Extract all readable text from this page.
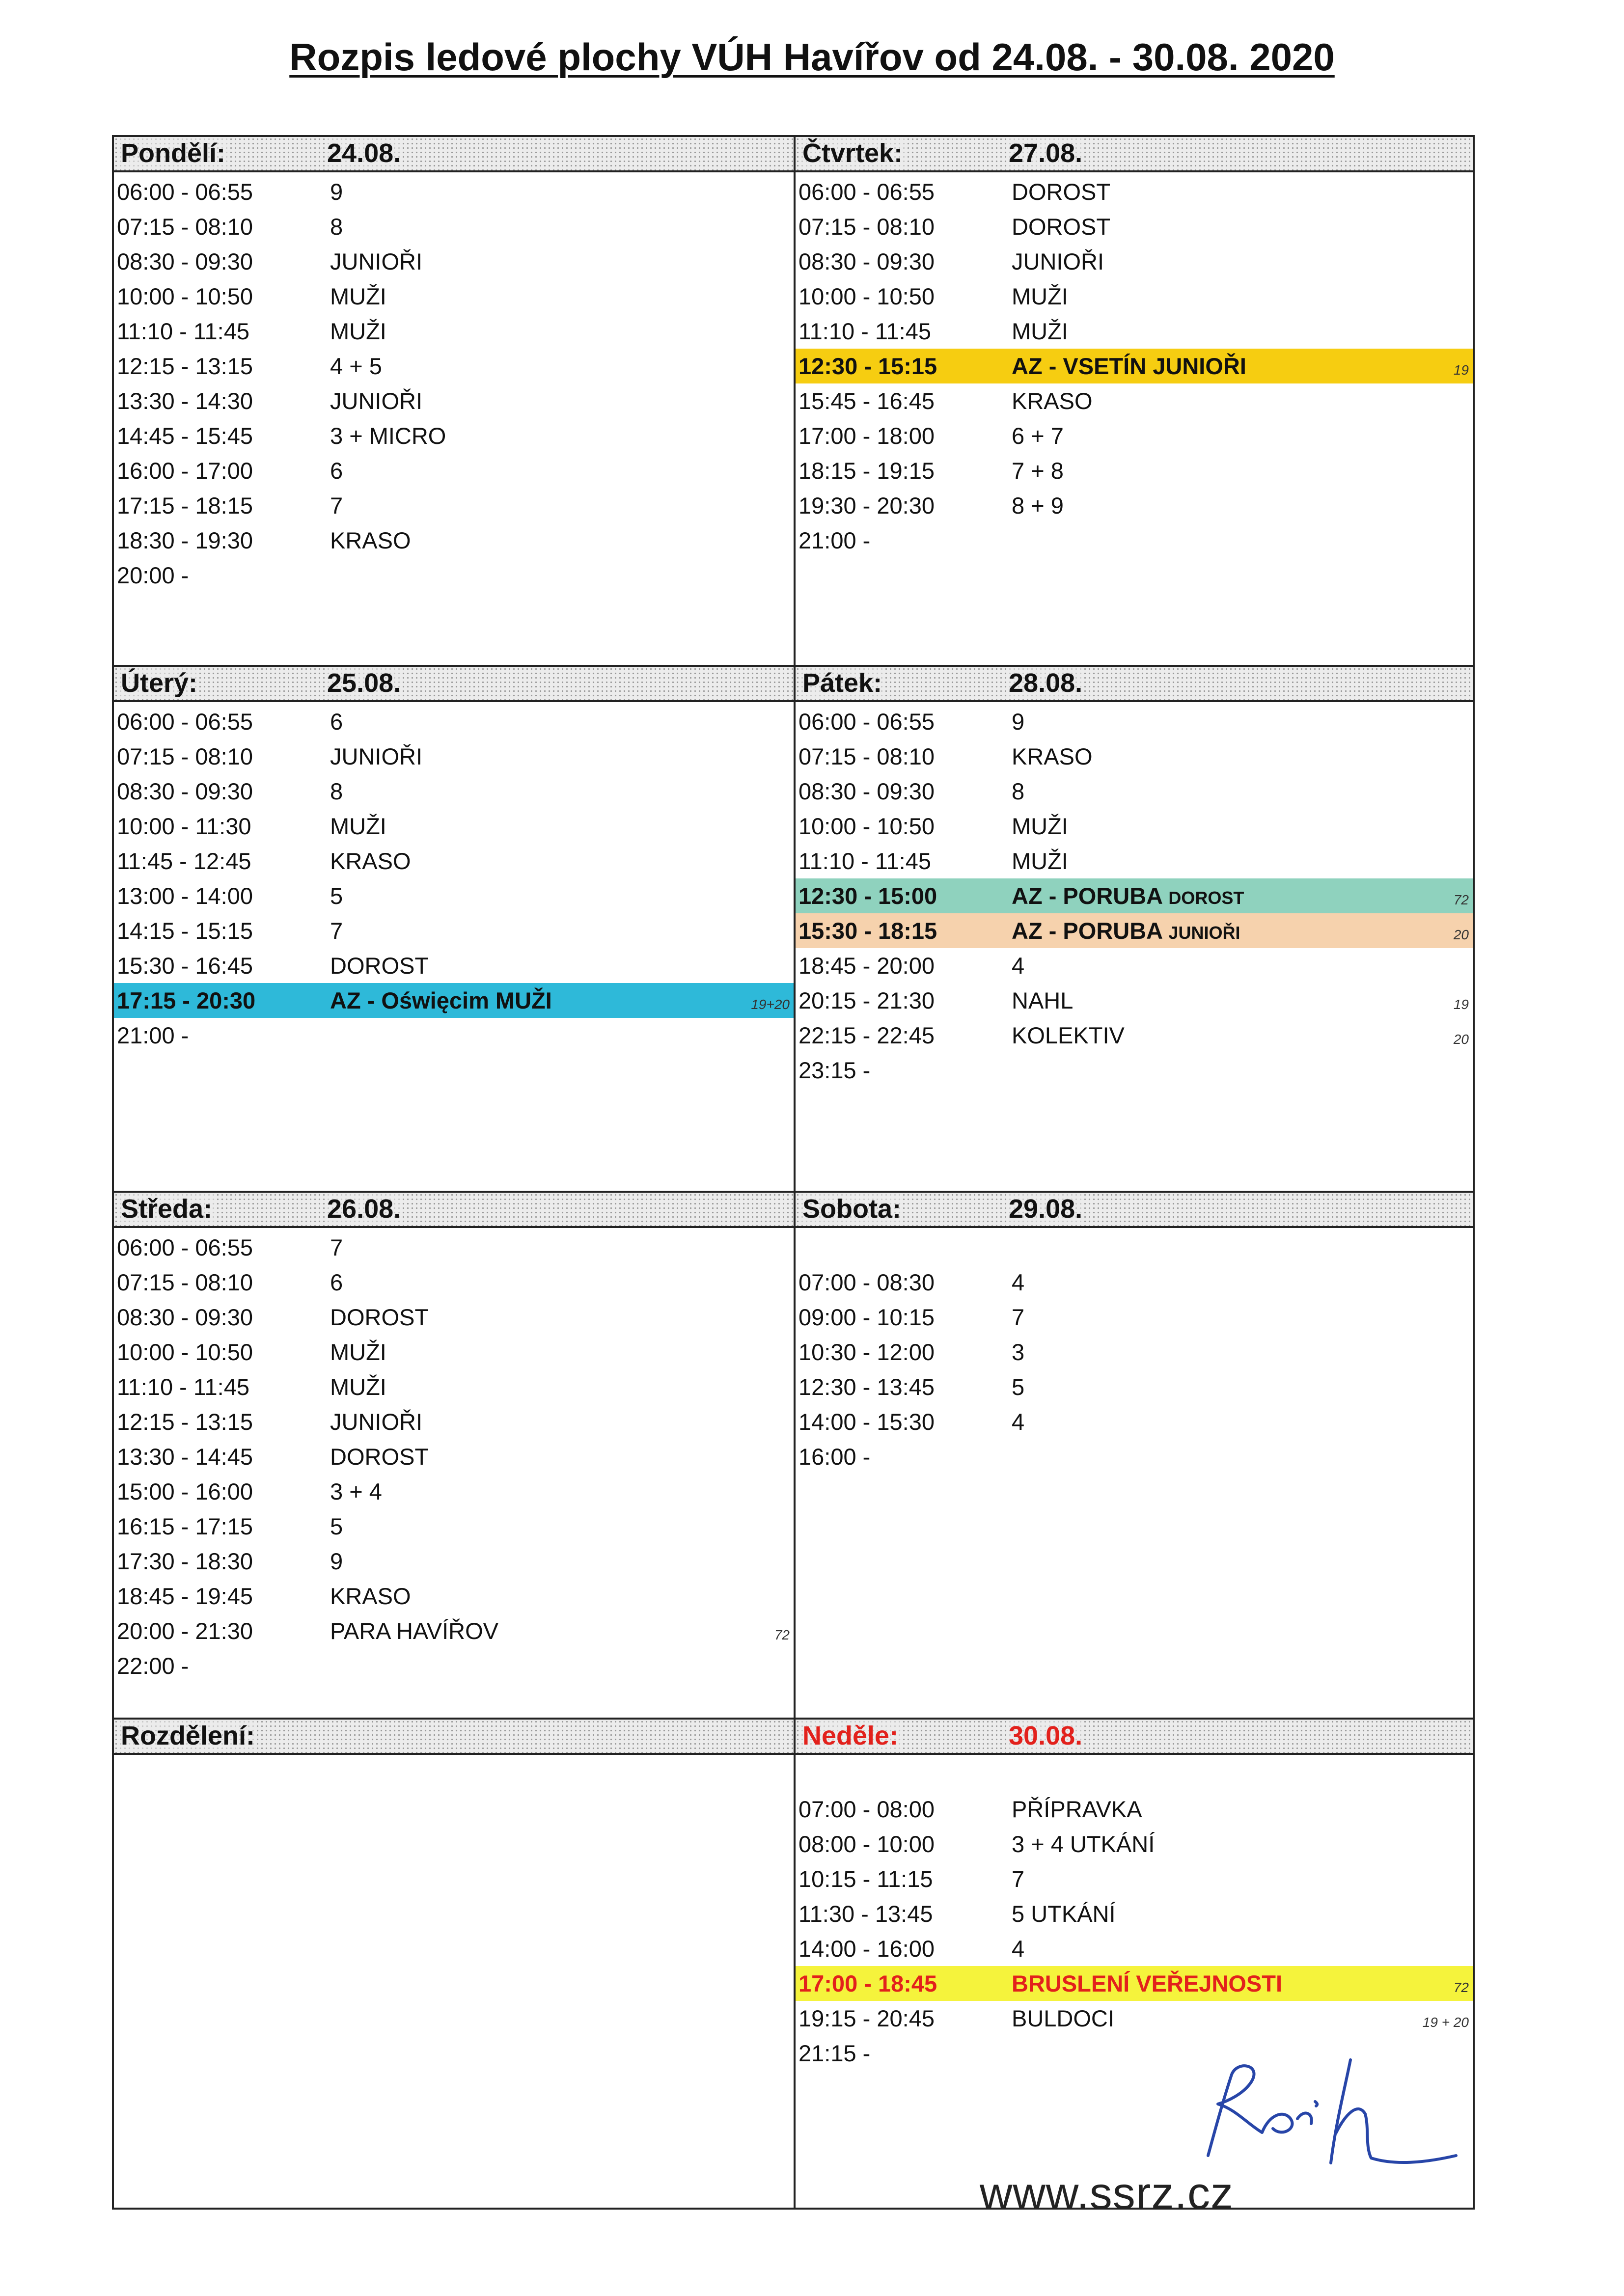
Rozpis ledové plochy VÚH Havířov od 24.08. - 30.08. 2020
Pondělí:	24.08.
06:00 - 06:55	9
07:15 - 08:10	8
08:30 - 09:30	JUNIOŘI
10:00 - 10:50	MUŽI
11:10 - 11:45	MUŽI
12:15 - 13:15	4 + 5
13:30 - 14:30	JUNIOŘI
14:45 - 15:45	3 + MICRO
16:00 - 17:00	6
17:15 - 18:15	7
18:30 - 19:30	KRASO
20:00 -
Čtvrtek:	27.08.
06:00 - 06:55	DOROST
07:15 - 08:10	DOROST
08:30 - 09:30	JUNIOŘI
10:00 - 10:50	MUŽI
11:10 - 11:45	MUŽI
12:30 - 15:15	AZ - VSETÍN JUNIOŘI	19
15:45 - 16:45	KRASO
17:00 - 18:00	6 + 7
18:15 - 19:15	7 + 8
19:30 - 20:30	8 + 9
21:00 -
Úterý:	25.08.
06:00 - 06:55	6
07:15 - 08:10	JUNIOŘI
08:30 - 09:30	8
10:00 - 11:30	MUŽI
11:45 - 12:45	KRASO
13:00 - 14:00	5
14:15 - 15:15	7
15:30 - 16:45	DOROST
17:15 - 20:30	AZ - Oświęcim MUŽI	19+20
21:00 -
Pátek:	28.08.
06:00 - 06:55	9
07:15 - 08:10	KRASO
08:30 - 09:30	8
10:00 - 10:50	MUŽI
11:10 - 11:45	MUŽI
12:30 - 15:00	AZ - PORUBA DOROST	72
15:30 - 18:15	AZ - PORUBA JUNIOŘI	20
18:45 - 20:00	4
20:15 - 21:30	NAHL	19
22:15 - 22:45	KOLEKTIV	20
23:15 -
Středa:	26.08.
06:00 - 06:55	7
07:15 - 08:10	6
08:30 - 09:30	DOROST
10:00 - 10:50	MUŽI
11:10 - 11:45	MUŽI
12:15 - 13:15	JUNIOŘI
13:30 - 14:45	DOROST
15:00 - 16:00	3 + 4
16:15 - 17:15	5
17:30 - 18:30	9
18:45 - 19:45	KRASO
20:00 - 21:30	PARA HAVÍŘOV	72
22:00 -
Sobota:	29.08.
07:00 - 08:30	4
09:00 - 10:15	7
10:30 - 12:00	3
12:30 - 13:45	5
14:00 - 15:30	4
16:00 -
Rozdělení:	Neděle:	30.08.
07:00 - 08:00	PŘÍPRAVKA
08:00 - 10:00	3 + 4 UTKÁNÍ
10:15 - 11:15	7
11:30 - 13:45	5 UTKÁNÍ
14:00 - 16:00	4
17:00 - 18:45	BRUSLENÍ VEŘEJNOSTI	72
19:15 - 20:45	BULDOCI	19 + 20
21:15 -
www.ssrz.cz
